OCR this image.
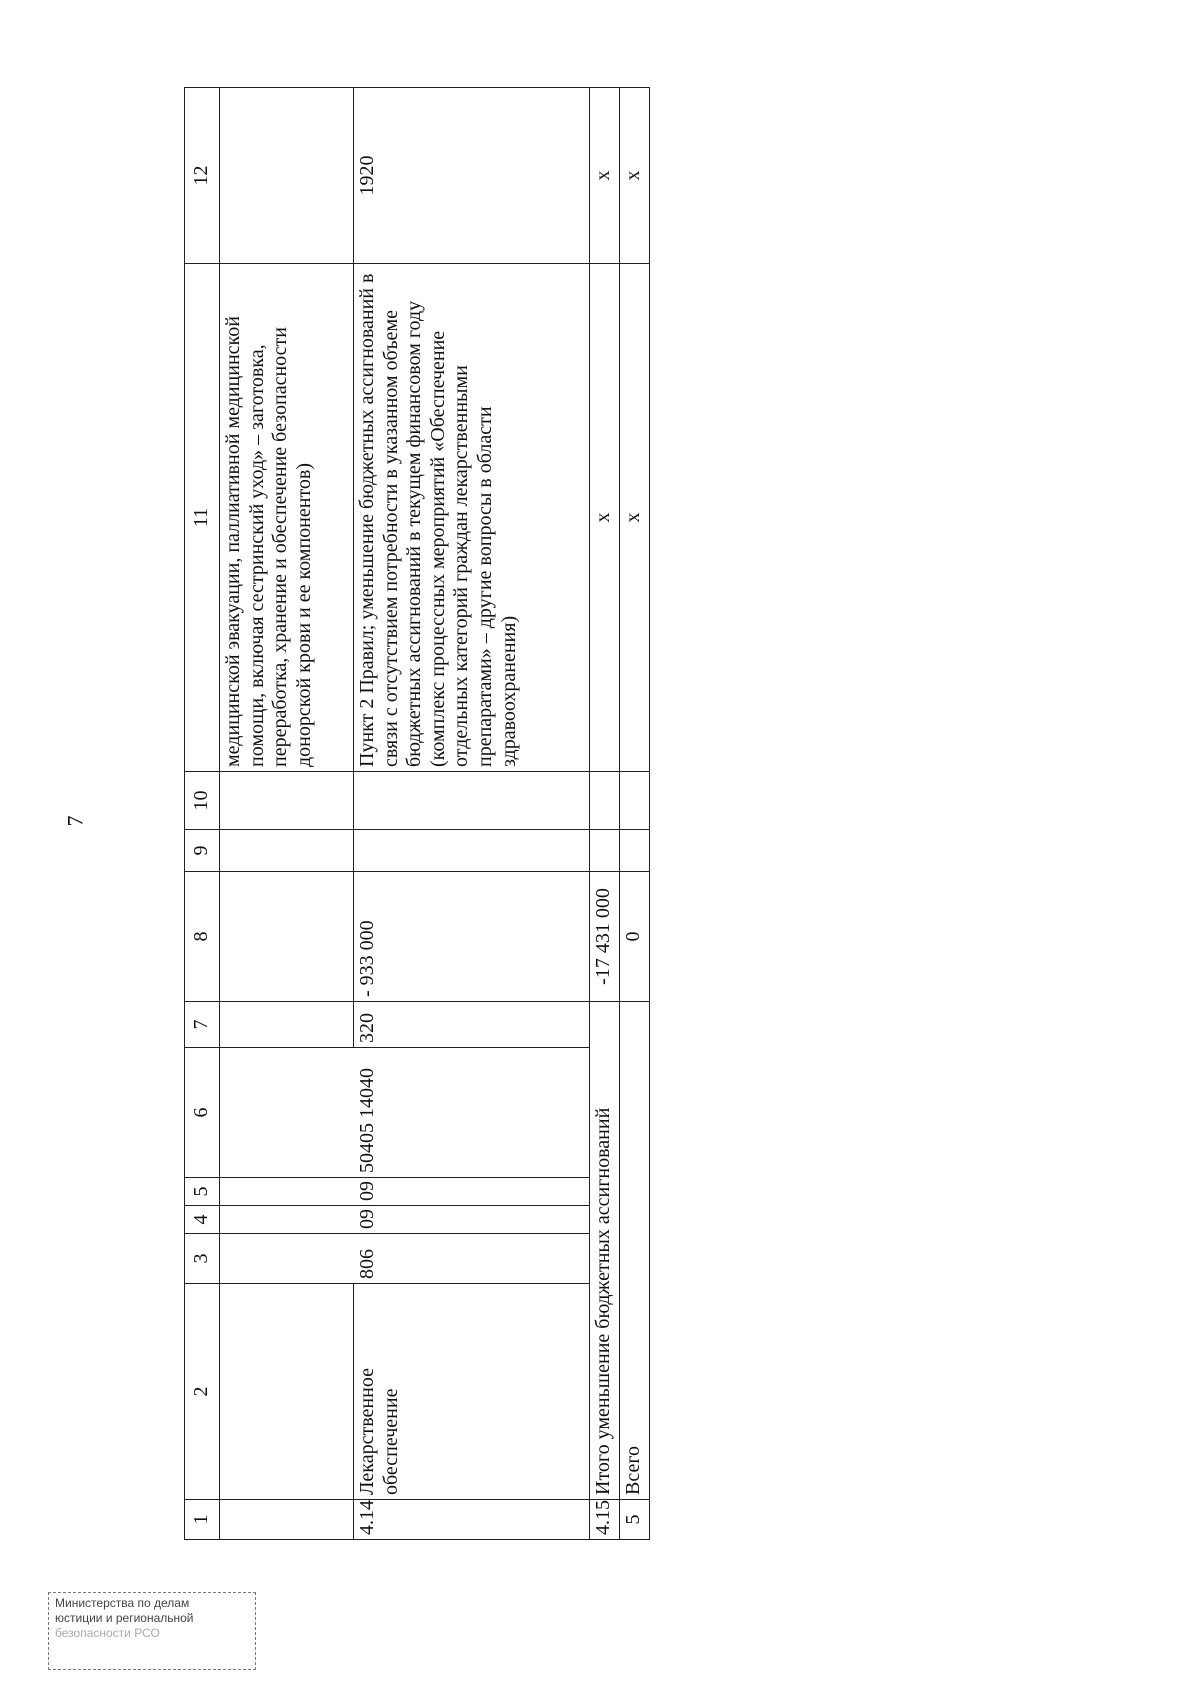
7
1	2	3	4	5	6	7	8	9	10	11	12
										медицинской эвакуации, паллиативной медицинской помощи, включая сестринский уход» – заготовка, переработка, хранение и обеспечение безопасности донорской крови и ее компонентов)	
4.14	Лекарственное обеспечение	806	09	09	50405 14040	320	- 933 000			Пункт 2 Правил; уменьшение бюджетных ассигнований в связи с отсутствием потребности в указанном объеме бюджетных ассигнований в текущем финансовом году (комплекс процессных мероприятий «Обеспечение отдельных категорий граждан лекарственными препаратами» – другие вопросы в области здравоохранения)	1920
4.15	Итого уменьшение бюджетных ассигнований						-17 431 000			x	x
5	Всего						0			x	x
Министерства по делам
юстиции и региональной
безопасности РСО
